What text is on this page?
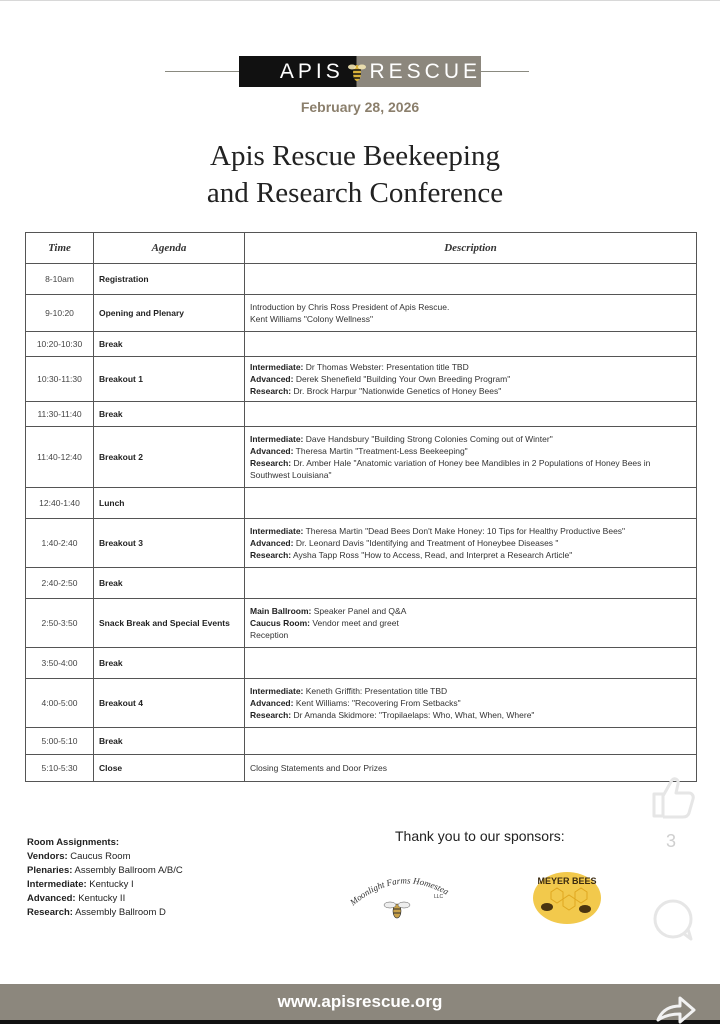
APIS RESCUE
February 28, 2026
Apis Rescue Beekeeping
and Research Conference
Time	Agenda	Description
8-10am	Registration	
9-10:20	Opening and Plenary	Introduction by Chris Ross President of Apis Rescue.
Kent Williams "Colony Wellness"

10:20-10:30	Break	
10:30-11:30	Breakout 1	Intermediate: Dr Thomas Webster: Presentation title TBD
Advanced: Derek Shenefield "Building Your Own Breeding Program"
Research: Dr. Brock Harpur "Nationwide Genetics of Honey Bees"

11:30-11:40	Break	
11:40-12:40	Breakout 2	Intermediate: Dave Handsbury "Building Strong Colonies Coming out of Winter"
Advanced: Theresa Martin "Treatment-Less Beekeeping"
Research: Dr. Amber Hale "Anatomic variation of Honey bee Mandibles in 2 Populations of Honey Bees in Southwest Louisiana"

12:40-1:40	Lunch	
1:40-2:40	Breakout 3	Intermediate: Theresa Martin "Dead Bees Don't Make Honey: 10 Tips for Healthy Productive Bees"
Advanced: Dr. Leonard Davis "Identifying and Treatment of Honeybee Diseases "
Research: Aysha Tapp Ross "How to Access, Read, and Interpret a Research Article"

2:40-2:50	Break	
2:50-3:50	Snack Break and Special Events	Main Ballroom: Speaker Panel and Q&A
Caucus Room: Vendor meet and greet
Reception

3:50-4:00	Break	
4:00-5:00	Breakout 4	Intermediate: Keneth Griffith: Presentation title TBD
Advanced: Kent Williams: "Recovering From Setbacks"
Research: Dr Amanda Skidmore: "Tropilaelaps: Who, What, When, Where"

5:00-5:10	Break	
5:10-5:30	Close	Closing Statements and Door Prizes
Room Assignments:
Vendors: Caucus Room
Plenaries: Assembly Ballroom A/B/C
Intermediate: Kentucky I
Advanced: Kentucky II
Research: Assembly Ballroom D
Thank you to our sponsors:
Moonlight Farms Homeste
LLC
MEYER BEES
www.apisrescue.org
3
